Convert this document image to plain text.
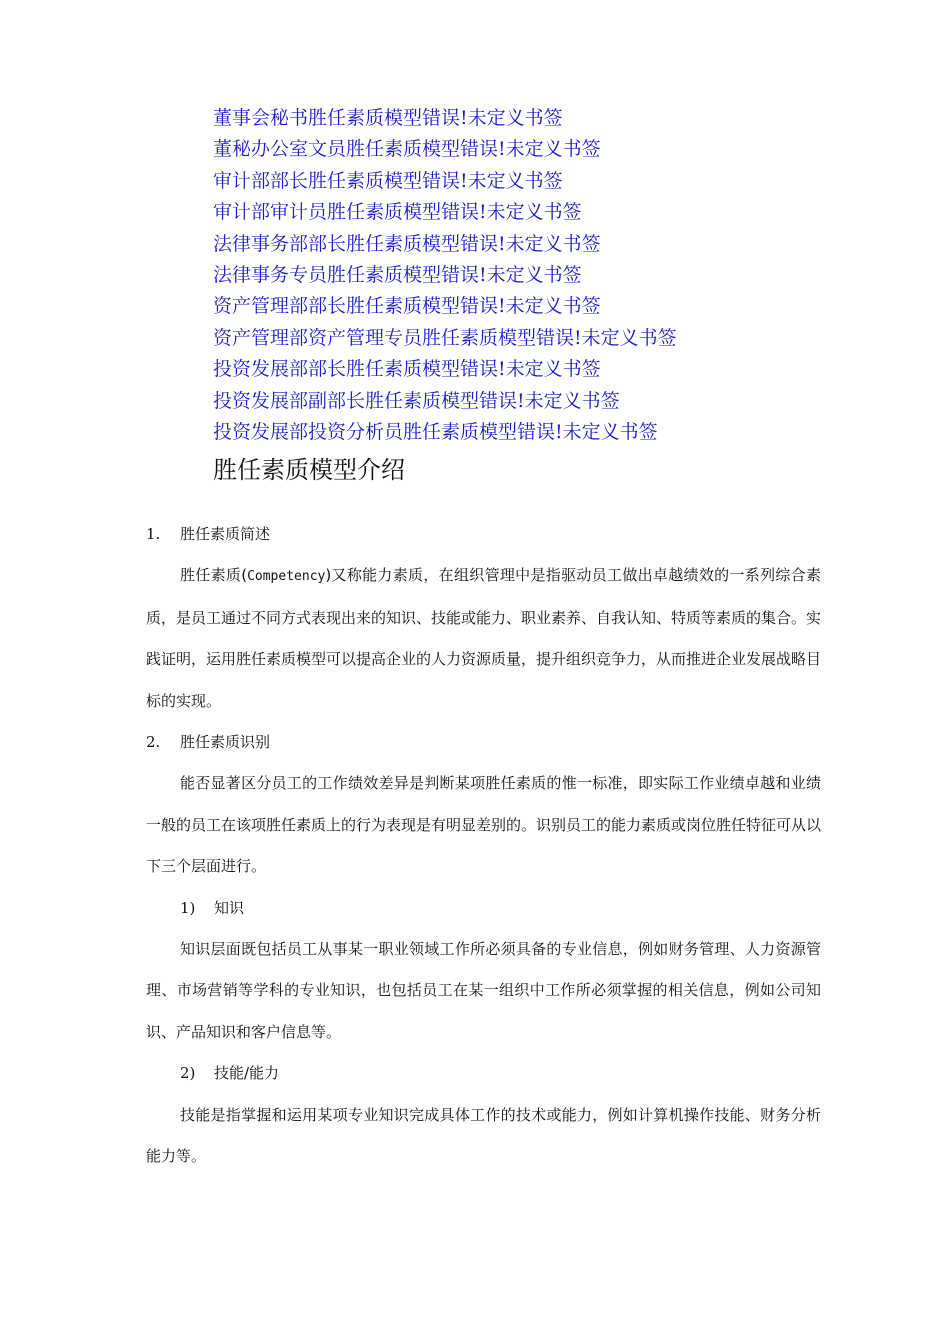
董事会秘书胜任素质模型错误!未定义书签
董秘办公室文员胜任素质模型错误!未定义书签
审计部部长胜任素质模型错误!未定义书签
审计部审计员胜任素质模型错误!未定义书签
法律事务部部长胜任素质模型错误!未定义书签
法律事务专员胜任素质模型错误!未定义书签
资产管理部部长胜任素质模型错误!未定义书签
资产管理部资产管理专员胜任素质模型错误!未定义书签
投资发展部部长胜任素质模型错误!未定义书签
投资发展部副部长胜任素质模型错误!未定义书签
投资发展部投资分析员胜任素质模型错误!未定义书签
胜任素质模型介绍
1. 胜任素质简述

胜任素质(Competency)又称能力素质，在组织管理中是指驱动员工做出卓越绩效的一系列综合素质，是员工通过不同方式表现出来的知识、技能或能力、职业素养、自我认知、特质等素质的集合。实践证明，运用胜任素质模型可以提高企业的人力资源质量，提升组织竞争力，从而推进企业发展战略目标的实现。

2. 胜任素质识别

能否显著区分员工的工作绩效差异是判断某项胜任素质的惟一标准，即实际工作业绩卓越和业绩一般的员工在该项胜任素质上的行为表现是有明显差别的。识别员工的能力素质或岗位胜任特征可从以下三个层面进行。

1) 知识

知识层面既包括员工从事某一职业领域工作所必须具备的专业信息，例如财务管理、人力资源管理、市场营销等学科的专业知识，也包括员工在某一组织中工作所必须掌握的相关信息，例如公司知识、产品知识和客户信息等。

2) 技能/能力

技能是指掌握和运用某项专业知识完成具体工作的技术或能力，例如计算机操作技能、财务分析能力等。
